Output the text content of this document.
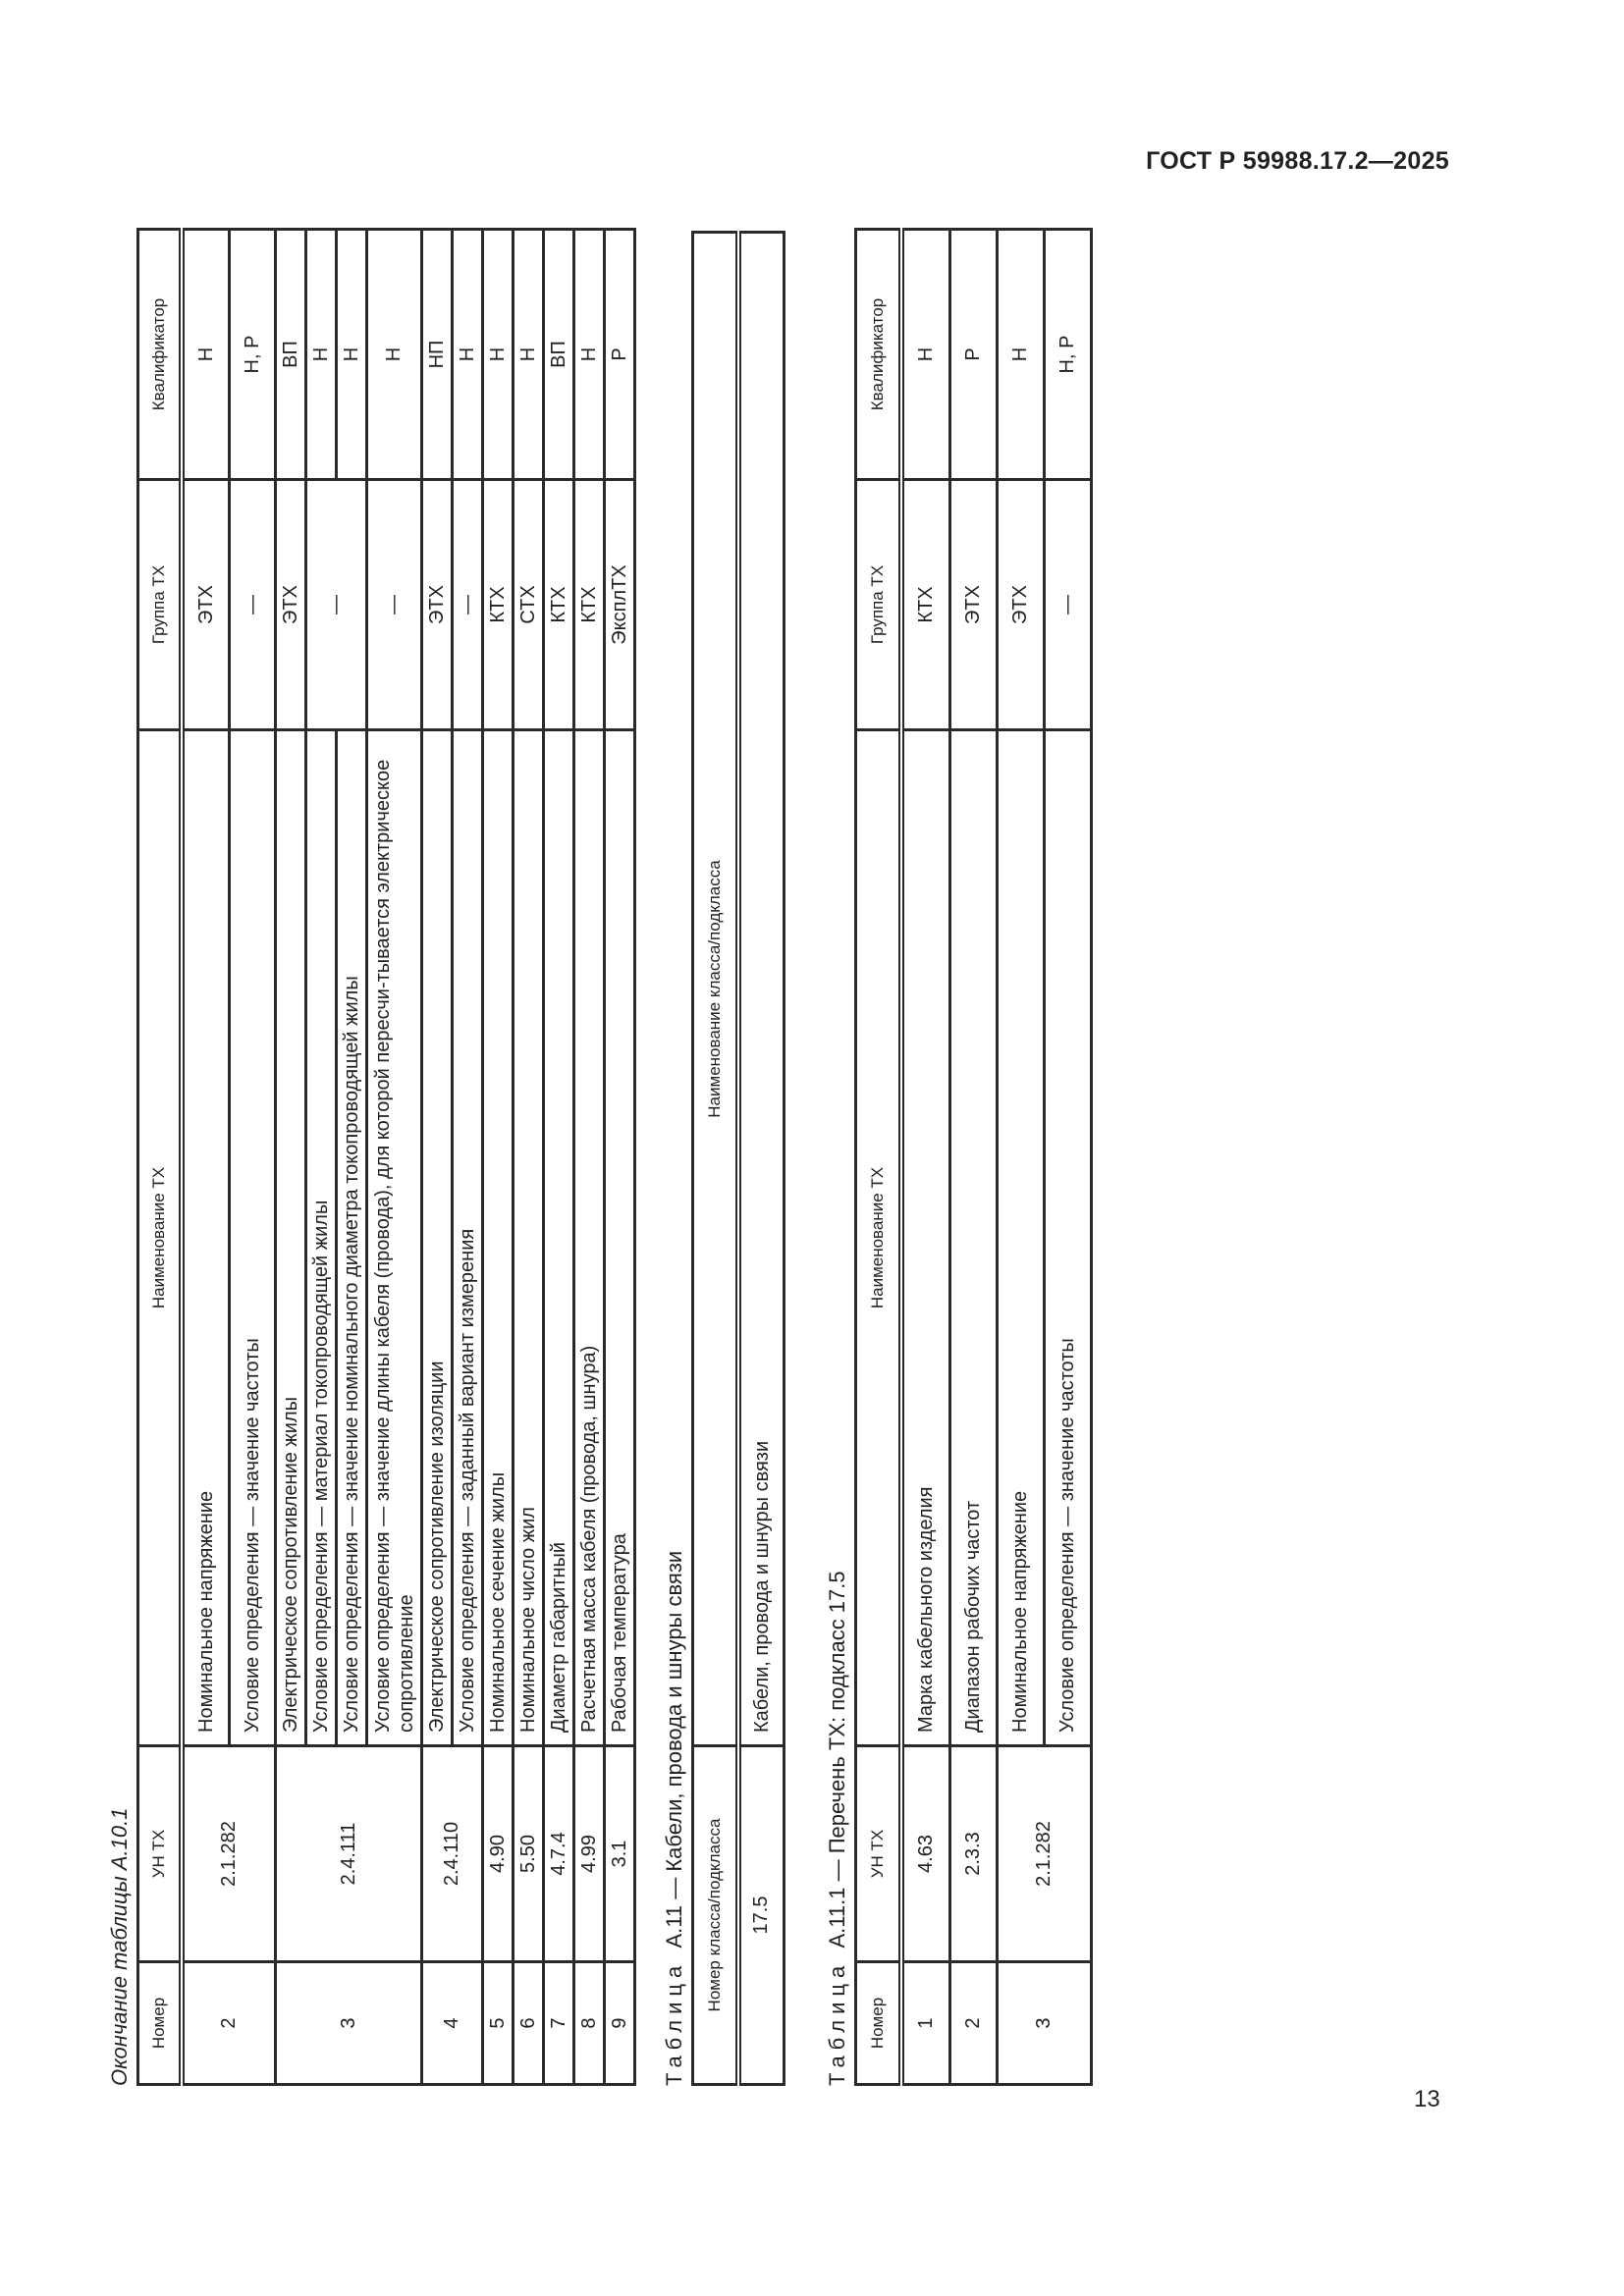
ГОСТ Р 59988.17.2—2025
Окончание таблицы А.10.1 Номер	УН ТХ	Наименование ТХ	Группа ТХ	Квалификатор
2	2.1.282	Номинальное напряжение	ЭТХ	Н
		Условие определения — значение частоты	—	Н, Р
3	2.4.111	Электрическое сопротивление жилы	ЭТХ	ВП
		Условие определения — материал токопроводящей жилы	—	Н
		Условие определения — значение номинального диаметра токопроводящей жилы		Н
		Условие определения — значение длины кабеля (провода), для которой пересчи-тывается электрическое сопротивление	—	Н
4	2.4.110	Электрическое сопротивление изоляции	ЭТХ	НП
		Условие определения — заданный вариант измерения	—	Н
5	4.90	Номинальное сечение жилы	КТХ	Н
6	5.50	Номинальное число жил	СТХ	Н
7	4.7.4	Диаметр габаритный	КТХ	ВП
8	4.99	Расчетная масса кабеля (провода, шнура)	КТХ	Н
9	3.1	Рабочая температура	ЭксплТХ	Р
Таблица  А.11 — Кабели, провода и шнуры связи Номер класса/подкласса	Наименование класса/подкласса
17.5	Кабели, провода и шнуры связи
Таблица  А.11.1 — Перечень ТХ: подкласс 17.5
Номер	УН ТХ	Наименование ТХ	Группа ТХ	Квалификатор
1	4.63	Марка кабельного изделия	КТХ	Н
2	2.3.3	Диапазон рабочих частот	ЭТХ	Р
3	2.1.282	Номинальное напряжение	ЭТХ	Н
		Условие определения — значение частоты	—	Н, Р
13
